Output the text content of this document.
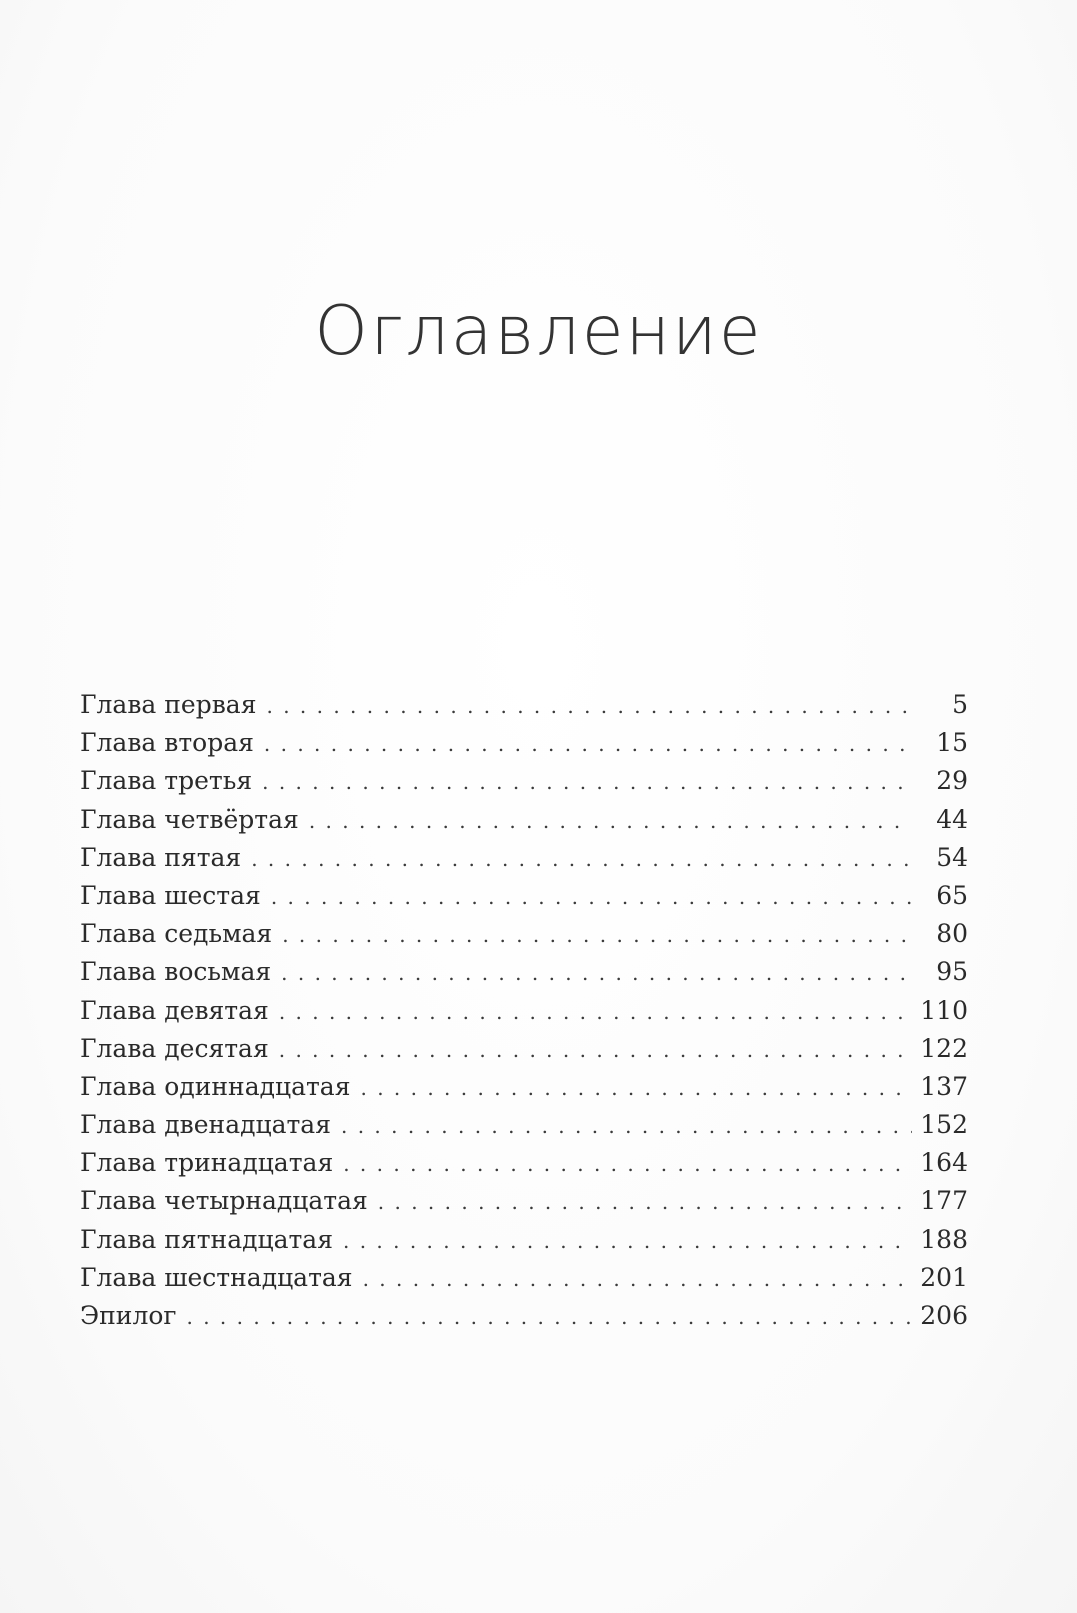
Оглавление
Глава первая . . .	5
Глава вторая . . .	15
Глава третья . . .	29
Глава четвёртая . . .	44
Глава пятая . . .	54
Глава шестая . . .	65
Глава седьмая . . .	80
Глава восьмая . . .	95
Глава девятая . . .	110
Глава десятая . . .	122
Глава одиннадцатая . . .	137
Глава двенадцатая . . .	152
Глава тринадцатая . . .	164
Глава четырнадцатая . . .	177
Глава пятнадцатая . . .	188
Глава шестнадцатая . . .	201
Эпилог . . .	206
